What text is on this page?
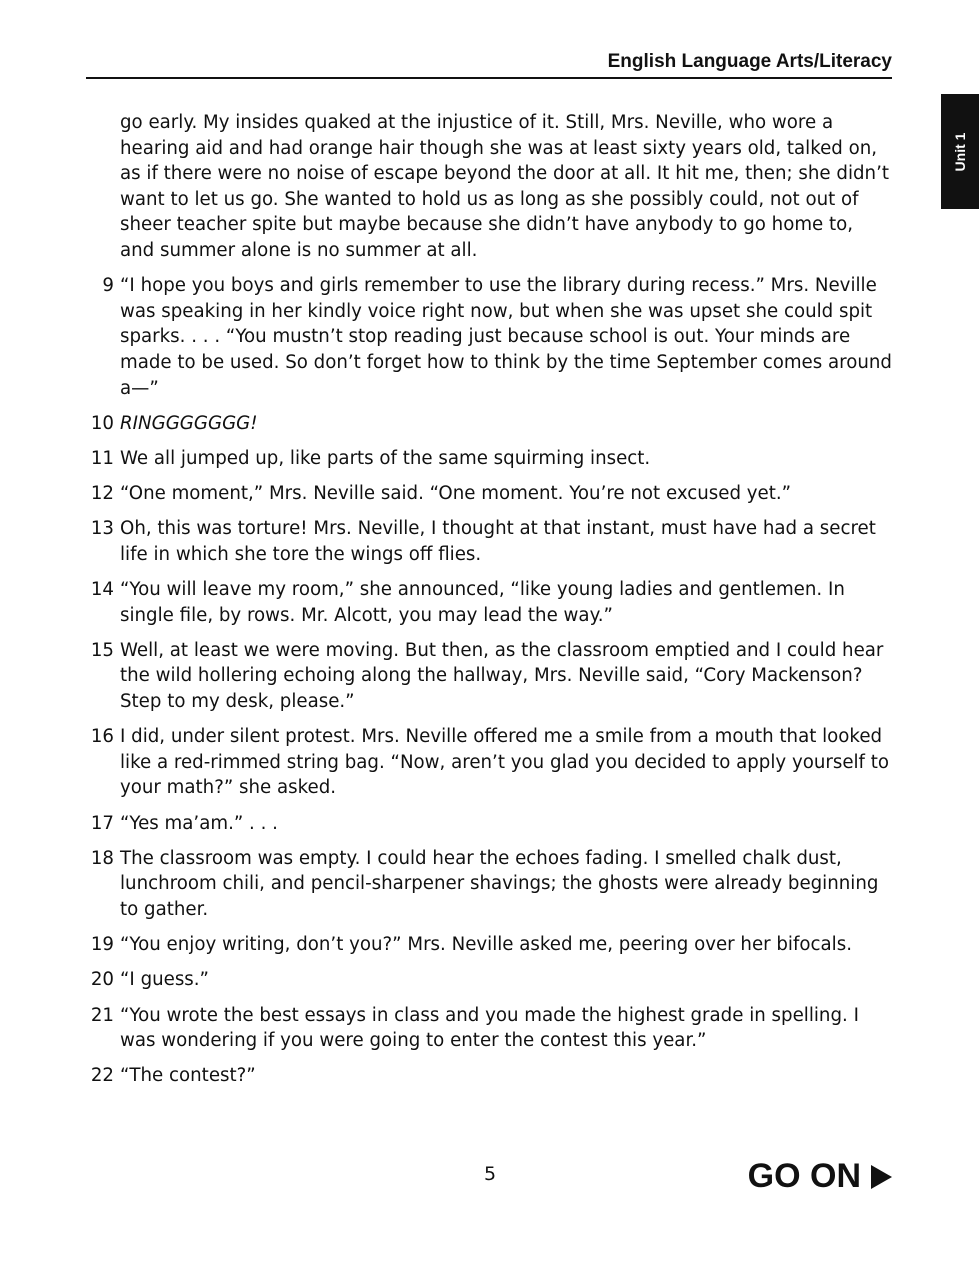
English Language Arts/Literacy
Unit 1
go early. My insides quaked at the injustice of it. Still, Mrs. Neville, who wore a hearing aid and had orange hair though she was at least sixty years old, talked on, as if there were no noise of escape beyond the door at all. It hit me, then; she didn’t want to let us go. She wanted to hold us as long as she possibly could, not out of sheer teacher spite but maybe because she didn’t have anybody to go home to, and summer alone is no summer at all.
9 “I hope you boys and girls remember to use the library during recess.” Mrs. Neville was speaking in her kindly voice right now, but when she was upset she could spit sparks. . . . “You mustn’t stop reading just because school is out. Your minds are made to be used. So don’t forget how to think by the time September comes around a—”
10 RINGGGGGGG!
11 We all jumped up, like parts of the same squirming insect.
12 “One moment,” Mrs. Neville said. “One moment. You’re not excused yet.”
13 Oh, this was torture! Mrs. Neville, I thought at that instant, must have had a secret life in which she tore the wings off flies.
14 “You will leave my room,” she announced, “like young ladies and gentlemen. In single file, by rows. Mr. Alcott, you may lead the way.”
15 Well, at least we were moving. But then, as the classroom emptied and I could hear the wild hollering echoing along the hallway, Mrs. Neville said, “Cory Mackenson? Step to my desk, please.”
16 I did, under silent protest. Mrs. Neville offered me a smile from a mouth that looked like a red-rimmed string bag. “Now, aren’t you glad you decided to apply yourself to your math?” she asked.
17 “Yes ma’am.” . . .
18 The classroom was empty. I could hear the echoes fading. I smelled chalk dust, lunchroom chili, and pencil-sharpener shavings; the ghosts were already beginning to gather.
19 “You enjoy writing, don’t you?” Mrs. Neville asked me, peering over her bifocals.
20 “I guess.”
21 “You wrote the best essays in class and you made the highest grade in spelling. I was wondering if you were going to enter the contest this year.”
22 “The contest?”
5	GO ON
